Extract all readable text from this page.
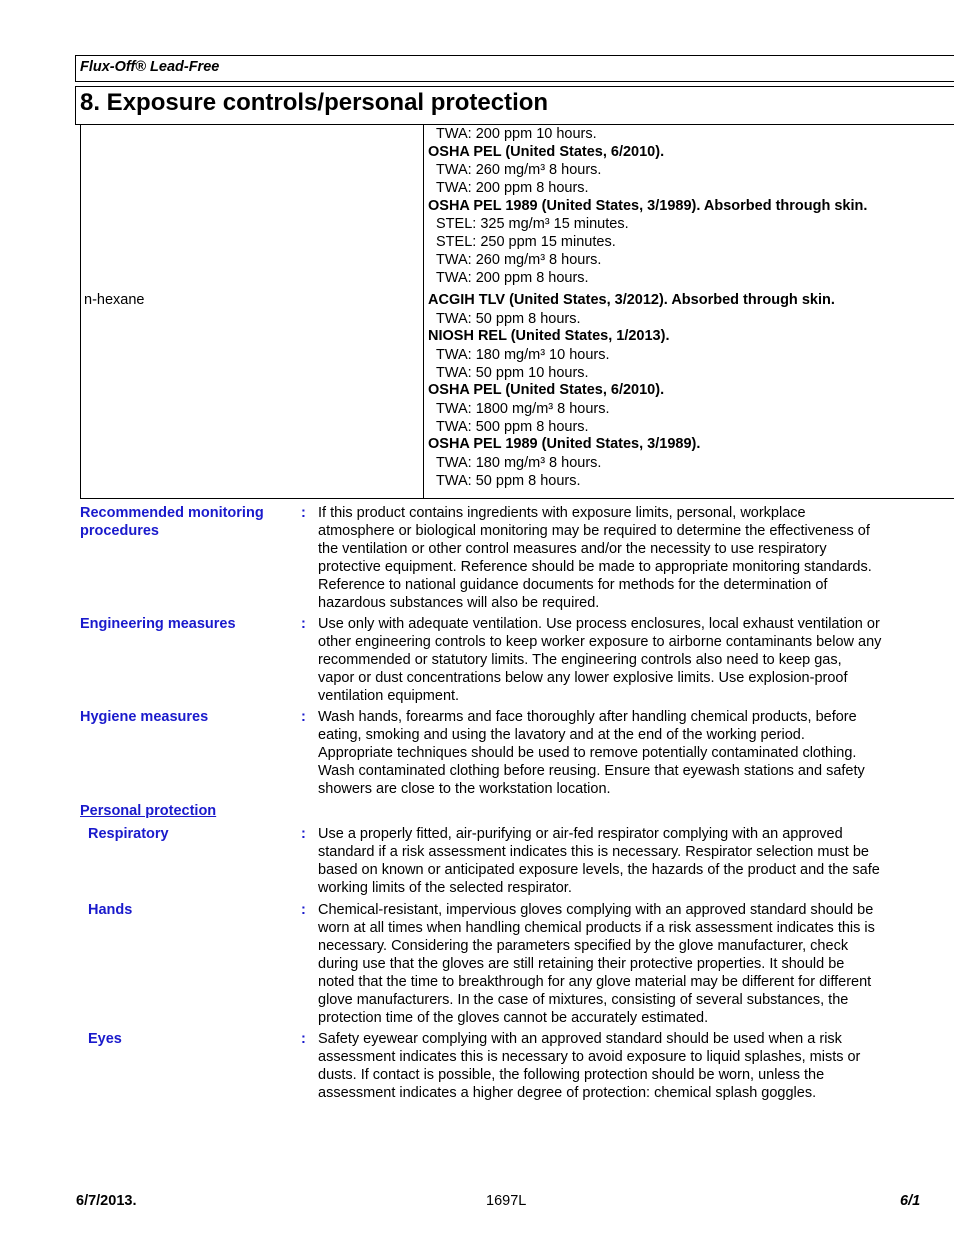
Flux-Off® Lead-Free
8. Exposure controls/personal protection
n-hexane
TWA: 200 ppm 10 hours.
OSHA PEL (United States, 6/2010).
TWA: 260 mg/m³ 8 hours.
TWA: 200 ppm 8 hours.
OSHA PEL 1989 (United States, 3/1989). Absorbed through skin.
STEL: 325 mg/m³ 15 minutes.
STEL: 250 ppm 15 minutes.
TWA: 260 mg/m³ 8 hours.
TWA: 200 ppm 8 hours.
ACGIH TLV (United States, 3/2012). Absorbed through skin.
TWA: 50 ppm 8 hours.
NIOSH REL (United States, 1/2013).
TWA: 180 mg/m³ 10 hours.
TWA: 50 ppm 10 hours.
OSHA PEL (United States, 6/2010).
TWA: 1800 mg/m³ 8 hours.
TWA: 500 ppm 8 hours.
OSHA PEL 1989 (United States, 3/1989).
TWA: 180 mg/m³ 8 hours.
TWA: 50 ppm 8 hours.
Recommended monitoring
procedures
: If this product contains ingredients with exposure limits, personal, workplace
atmosphere or biological monitoring may be required to determine the effectiveness of
the ventilation or other control measures and/or the necessity to use respiratory
protective equipment. Reference should be made to appropriate monitoring standards.
Reference to national guidance documents for methods for the determination of
hazardous substances will also be required.
Engineering measures	: Use only with adequate ventilation. Use process enclosures, local exhaust ventilation or
other engineering controls to keep worker exposure to airborne contaminants below any
recommended or statutory limits. The engineering controls also need to keep gas,
vapor or dust concentrations below any lower explosive limits. Use explosion-proof
ventilation equipment.
Hygiene measures	: Wash hands, forearms and face thoroughly after handling chemical products, before
eating, smoking and using the lavatory and at the end of the working period.
Appropriate techniques should be used to remove potentially contaminated clothing.
Wash contaminated clothing before reusing. Ensure that eyewash stations and safety
showers are close to the workstation location.
Personal protection
Respiratory	: Use a properly fitted, air-purifying or air-fed respirator complying with an approved
standard if a risk assessment indicates this is necessary. Respirator selection must be
based on known or anticipated exposure levels, the hazards of the product and the safe
working limits of the selected respirator.
Hands	: Chemical-resistant, impervious gloves complying with an approved standard should be
worn at all times when handling chemical products if a risk assessment indicates this is
necessary. Considering the parameters specified by the glove manufacturer, check
during use that the gloves are still retaining their protective properties. It should be
noted that the time to breakthrough for any glove material may be different for different
glove manufacturers. In the case of mixtures, consisting of several substances, the
protection time of the gloves cannot be accurately estimated.
Eyes	: Safety eyewear complying with an approved standard should be used when a risk
assessment indicates this is necessary to avoid exposure to liquid splashes, mists or
dusts. If contact is possible, the following protection should be worn, unless the
assessment indicates a higher degree of protection: chemical splash goggles.
6/7/2013.	1697L	6/1
